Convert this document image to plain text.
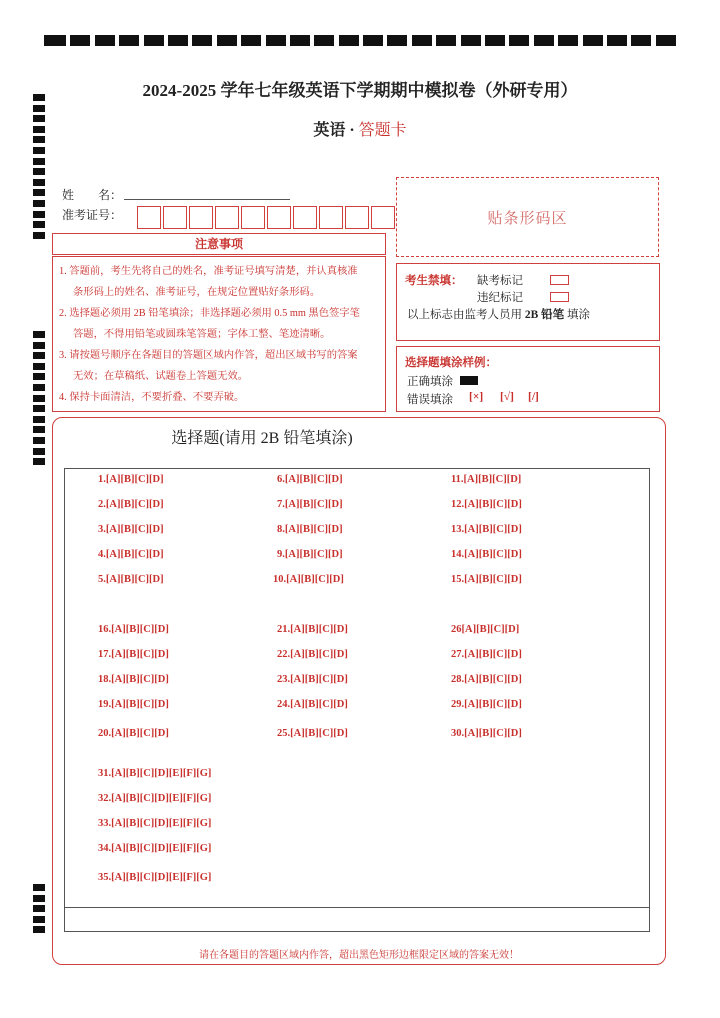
2024-2025 学年七年级英语下学期期中模拟卷（外研专用）
英语 · 答题卡
姓　　名：
准考证号：	贴条形码区
注意事项

1. 答题前，考生先将自己的姓名，准考证号填写清楚，并认真核准

条形码上的姓名、准考证号，在规定位置贴好条形码。

2. 选择题必须用 2B 铅笔填涂；非选择题必须用 0.5 mm 黑色签字笔

答题，不得用铅笔或圆珠笔答题；字体工整、笔迹清晰。

3. 请按题号顺序在各题目的答题区域内作答，超出区域书写的答案

无效；在草稿纸、试题卷上答题无效。

4. 保持卡面清洁，不要折叠、不要弄破。

考生禁填： 缺考标记
违纪标记
以上标志由监考人员用 2B 铅笔 填涂
选择题填涂样例：
正确填涂
错误填涂 [×] [√] [/]
选择题(请用 2B 铅笔填涂)
1.[A][B][C][D]
2.[A][B][C][D]
3.[A][B][C][D]
4.[A][B][C][D]
5.[A][B][C][D]
6.[A][B][C][D]
7.[A][B][C][D]
8.[A][B][C][D]
9.[A][B][C][D]
10.[A][B][C][D]
11.[A][B][C][D]
12.[A][B][C][D]
13.[A][B][C][D]
14.[A][B][C][D]
15.[A][B][C][D]
16.[A][B][C][D]
17.[A][B][C][D]
18.[A][B][C][D]
19.[A][B][C][D]
20.[A][B][C][D]
21.[A][B][C][D]
22.[A][B][C][D]
23.[A][B][C][D]
24.[A][B][C][D]
25.[A][B][C][D]
26[A][B][C][D]
27.[A][B][C][D]
28.[A][B][C][D]
29.[A][B][C][D]
30.[A][B][C][D]
31.[A][B][C][D][E][F][G]
32.[A][B][C][D][E][F][G]
33.[A][B][C][D][E][F][G]
34.[A][B][C][D][E][F][G]
35.[A][B][C][D][E][F][G]
请在各题目的答题区域内作答，超出黑色矩形边框限定区域的答案无效！
